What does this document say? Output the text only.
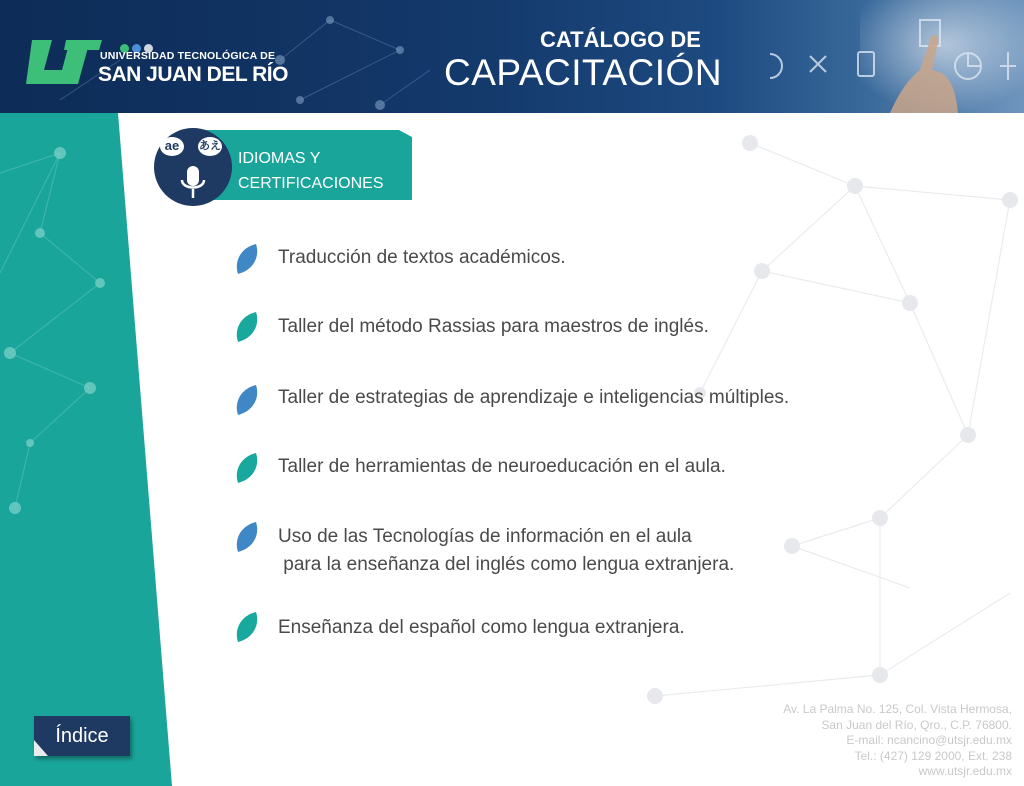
UNIVERSIDAD TECNOLÓGICA DE
SAN JUAN DEL RÍO
CATÁLOGO DE
CAPACITACIÓN
IDIOMAS Y
CERTIFICACIONES
ae	あえ
Traducción de textos académicos.
Taller del método Rassias para maestros de inglés.
Taller de estrategias de aprendizaje e inteligencias múltiples.
Taller de herramientas de neuroeducación en el aula.
Uso de las Tecnologías de información en el aula
para la enseñanza del inglés como lengua extranjera.
Enseñanza del español como lengua extranjera.
Índice
Av. La Palma No. 125, Col. Vista Hermosa,
San Juan del Río, Qro., C.P. 76800.
E-mail: ncancino@utsjr.edu.mx
Tel.: (427) 129 2000, Ext. 238
www.utsjr.edu.mx
